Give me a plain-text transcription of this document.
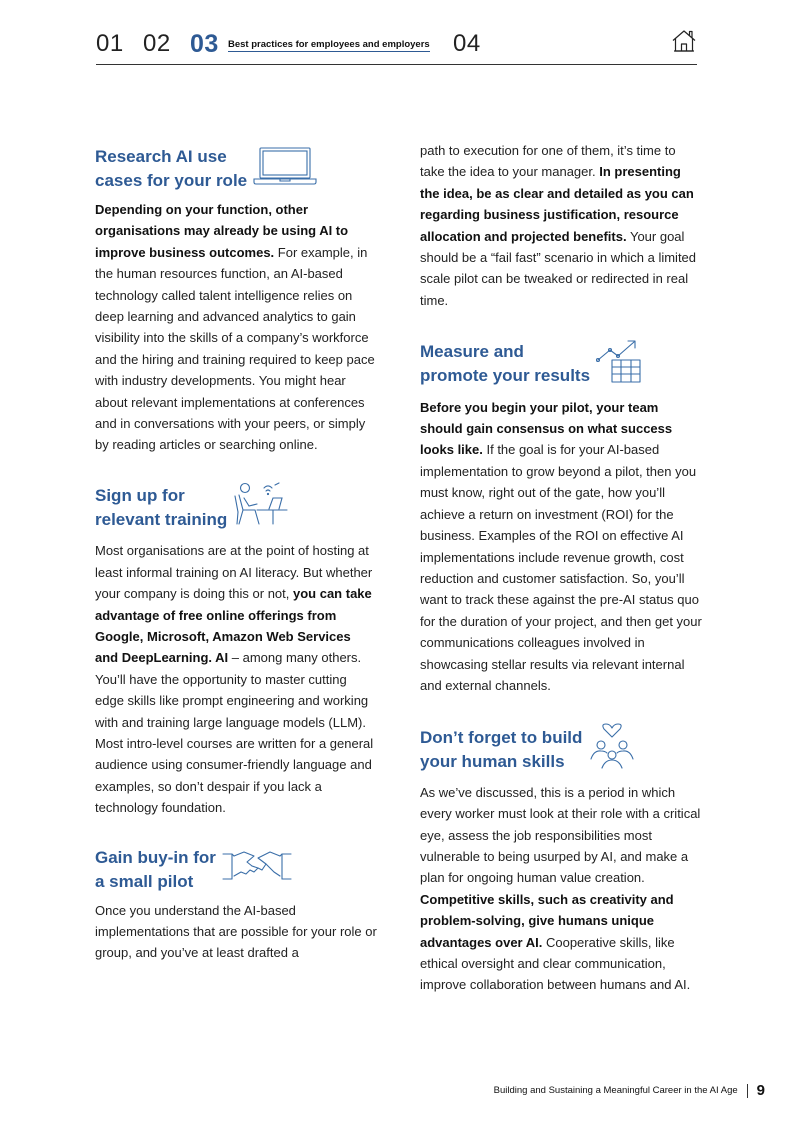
01 02 03 Best practices for employees and employers 04
Research AI use
cases for your role

Depending on your function, other organisations may already be using AI to improve business outcomes. For example, in the human resources function, an AI-based technology called talent intelligence relies on deep learning and advanced analytics to gain visibility into the skills of a company’s workforce and the hiring and training required to keep pace with industry developments. You might hear about relevant implementations at conferences and in conversations with your peers, or simply by reading articles or searching online.

Sign up for
relevant training

Most organisations are at the point of hosting at least informal training on AI literacy. But whether your company is doing this or not, you can take advantage of free online offerings from Google, Microsoft, Amazon Web Services and DeepLearning. AI – among many others. You’ll have the opportunity to master cutting edge skills like prompt engineering and working with and training large language models (LLM). Most intro-level courses are written for a general audience using consumer-friendly language and examples, so don’t despair if you lack a technology foundation.

Gain buy-in for
a small pilot

Once you understand the AI-based implementations that are possible for your role or group, and you’ve at least drafted a

path to execution for one of them, it’s time to take the idea to your manager. In presenting the idea, be as clear and detailed as you can regarding business justification, resource allocation and projected benefits. Your goal should be a “fail fast” scenario in which a limited scale pilot can be tweaked or redirected in real time.

Measure and
promote your results

Before you begin your pilot, your team should gain consensus on what success looks like. If the goal is for your AI-based implementation to grow beyond a pilot, then you must know, right out of the gate, how you’ll achieve a return on investment (ROI) for the business. Examples of the ROI on effective AI implementations include revenue growth, cost reduction and customer satisfaction. So, you’ll want to track these against the pre-AI status quo for the duration of your project, and then get your communications colleagues involved in showcasing stellar results via relevant internal and external channels.

Don’t forget to build
your human skills

As we’ve discussed, this is a period in which every worker must look at their role with a critical eye, assess the job responsibilities most vulnerable to being usurped by AI, and make a plan for ongoing human value creation. Competitive skills, such as creativity and problem-solving, give humans unique advantages over AI. Cooperative skills, like ethical oversight and clear communication, improve collaboration between humans and AI.

Building and Sustaining a Meaningful Career in the AI Age 9
